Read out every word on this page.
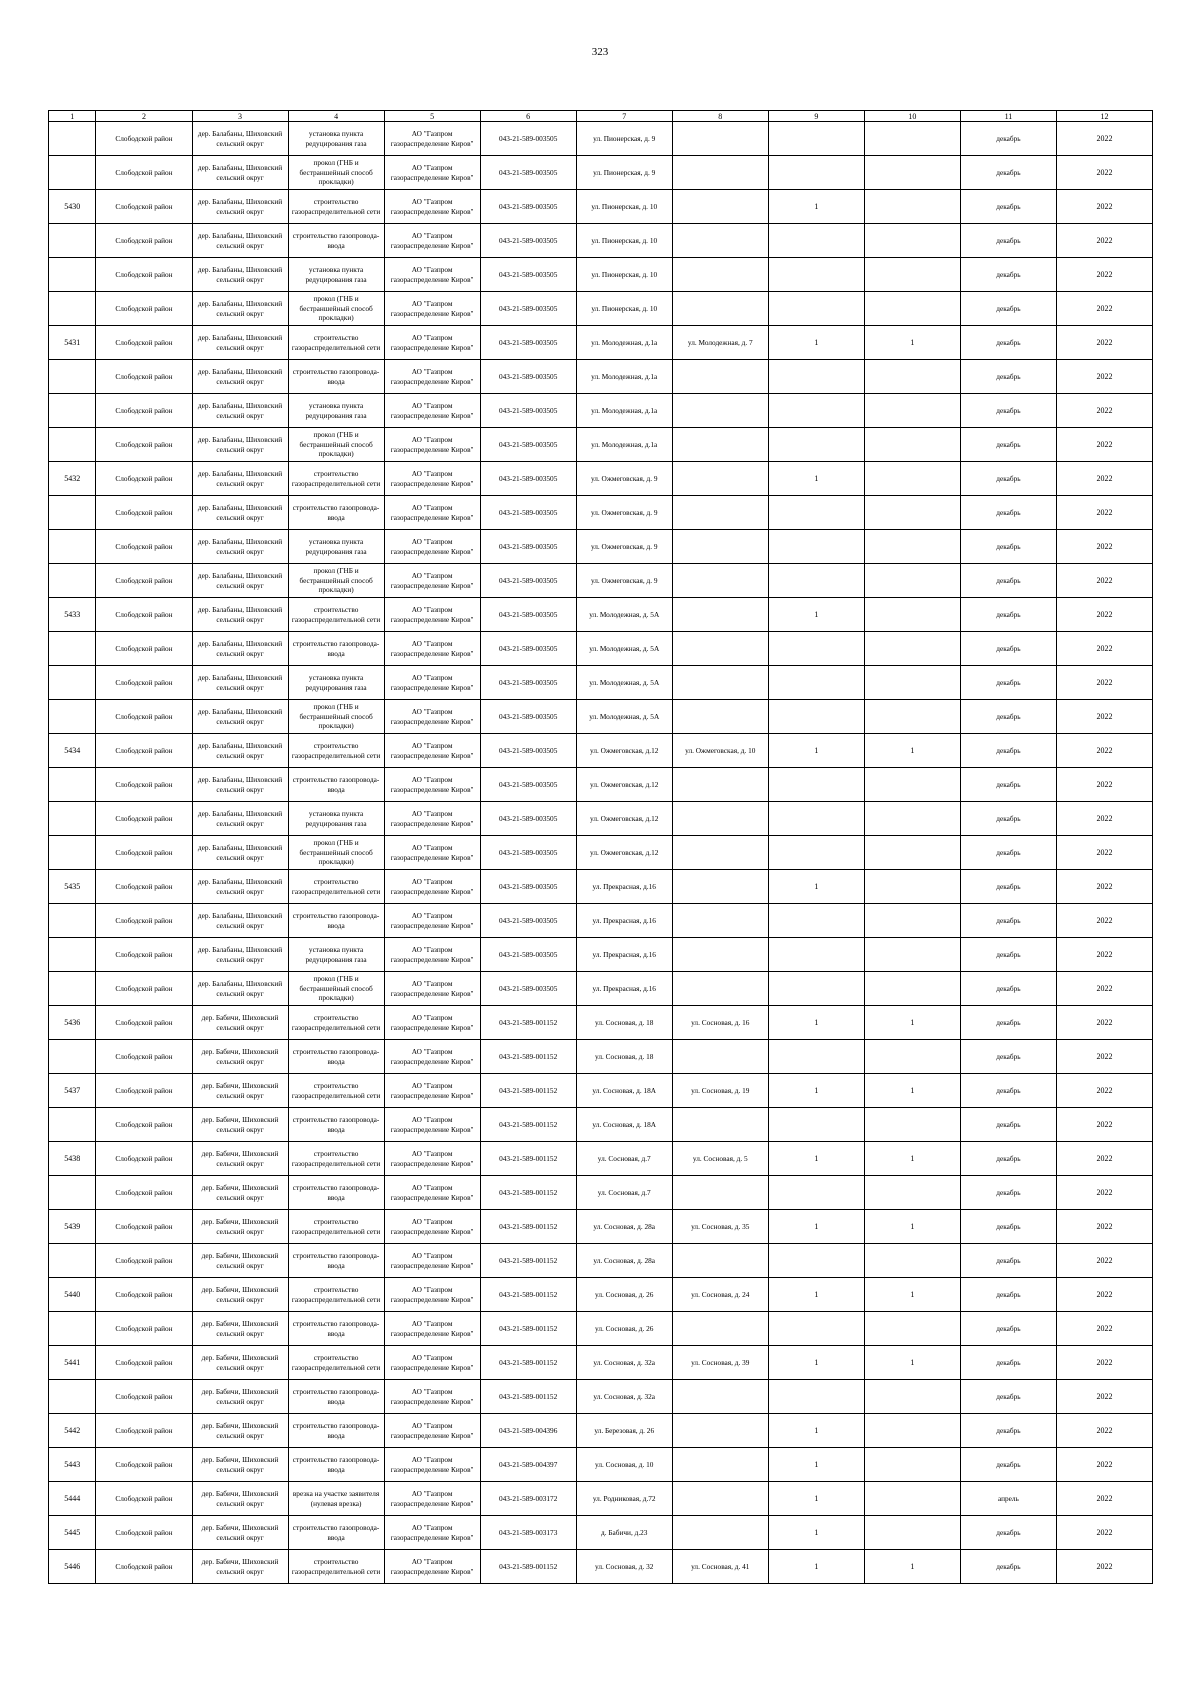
323
1	2	3	4	5	6	7	8	9	10	11	12

	Слободской район	дер. Балабаны, Шиховский сельский округ	установка пункта редуцирования газа	АО "Газпром газораспределение Киров"	043-21-589-003505	ул. Пионерская, д. 9				декабрь	2022

	Слободской район	дер. Балабаны, Шиховский сельский округ	прокол (ГНБ и бестраншейный способ прокладки)	АО "Газпром газораспределение Киров"	043-21-589-003505	ул. Пионерская, д. 9				декабрь	2022

5430	Слободской район	дер. Балабаны, Шиховский сельский округ	строительство газораспределительной сети	АО "Газпром газораспределение Киров"	043-21-589-003505	ул. Пионерская, д. 10		1		декабрь	2022

	Слободской район	дер. Балабаны, Шиховский сельский округ	строительство газопровода-ввода	АО "Газпром газораспределение Киров"	043-21-589-003505	ул. Пионерская, д. 10				декабрь	2022

	Слободской район	дер. Балабаны, Шиховский сельский округ	установка пункта редуцирования газа	АО "Газпром газораспределение Киров"	043-21-589-003505	ул. Пионерская, д. 10				декабрь	2022

	Слободской район	дер. Балабаны, Шиховский сельский округ	прокол (ГНБ и бестраншейный способ прокладки)	АО "Газпром газораспределение Киров"	043-21-589-003505	ул. Пионерская, д. 10				декабрь	2022

5431	Слободской район	дер. Балабаны, Шиховский сельский округ	строительство газораспределительной сети	АО "Газпром газораспределение Киров"	043-21-589-003505	ул. Молодежная, д.1а	ул. Молодежная, д. 7	1	1	декабрь	2022

	Слободской район	дер. Балабаны, Шиховский сельский округ	строительство газопровода-ввода	АО "Газпром газораспределение Киров"	043-21-589-003505	ул. Молодежная, д.1а				декабрь	2022

	Слободской район	дер. Балабаны, Шиховский сельский округ	установка пункта редуцирования газа	АО "Газпром газораспределение Киров"	043-21-589-003505	ул. Молодежная, д.1а				декабрь	2022

	Слободской район	дер. Балабаны, Шиховский сельский округ	прокол (ГНБ и бестраншейный способ прокладки)	АО "Газпром газораспределение Киров"	043-21-589-003505	ул. Молодежная, д.1а				декабрь	2022

5432	Слободской район	дер. Балабаны, Шиховский сельский округ	строительство газораспределительной сети	АО "Газпром газораспределение Киров"	043-21-589-003505	ул. Ожмеговская, д. 9		1		декабрь	2022

	Слободской район	дер. Балабаны, Шиховский сельский округ	строительство газопровода-ввода	АО "Газпром газораспределение Киров"	043-21-589-003505	ул. Ожмеговская, д. 9				декабрь	2022

	Слободской район	дер. Балабаны, Шиховский сельский округ	установка пункта редуцирования газа	АО "Газпром газораспределение Киров"	043-21-589-003505	ул. Ожмеговская, д. 9				декабрь	2022

	Слободской район	дер. Балабаны, Шиховский сельский округ	прокол (ГНБ и бестраншейный способ прокладки)	АО "Газпром газораспределение Киров"	043-21-589-003505	ул. Ожмеговская, д. 9				декабрь	2022

5433	Слободской район	дер. Балабаны, Шиховский сельский округ	строительство газораспределительной сети	АО "Газпром газораспределение Киров"	043-21-589-003505	ул. Молодежная, д. 5А		1		декабрь	2022

	Слободской район	дер. Балабаны, Шиховский сельский округ	строительство газопровода-ввода	АО "Газпром газораспределение Киров"	043-21-589-003505	ул. Молодежная, д. 5А				декабрь	2022

	Слободской район	дер. Балабаны, Шиховский сельский округ	установка пункта редуцирования газа	АО "Газпром газораспределение Киров"	043-21-589-003505	ул. Молодежная, д. 5А				декабрь	2022

	Слободской район	дер. Балабаны, Шиховский сельский округ	прокол (ГНБ и бестраншейный способ прокладки)	АО "Газпром газораспределение Киров"	043-21-589-003505	ул. Молодежная, д. 5А				декабрь	2022

5434	Слободской район	дер. Балабаны, Шиховский сельский округ	строительство газораспределительной сети	АО "Газпром газораспределение Киров"	043-21-589-003505	ул. Ожмеговская, д.12	ул. Ожмеговская, д. 10	1	1	декабрь	2022

	Слободской район	дер. Балабаны, Шиховский сельский округ	строительство газопровода-ввода	АО "Газпром газораспределение Киров"	043-21-589-003505	ул. Ожмеговская, д.12				декабрь	2022

	Слободской район	дер. Балабаны, Шиховский сельский округ	установка пункта редуцирования газа	АО "Газпром газораспределение Киров"	043-21-589-003505	ул. Ожмеговская, д.12				декабрь	2022

	Слободской район	дер. Балабаны, Шиховский сельский округ	прокол (ГНБ и бестраншейный способ прокладки)	АО "Газпром газораспределение Киров"	043-21-589-003505	ул. Ожмеговская, д.12				декабрь	2022

5435	Слободской район	дер. Балабаны, Шиховский сельский округ	строительство газораспределительной сети	АО "Газпром газораспределение Киров"	043-21-589-003505	ул. Прекрасная, д.16		1		декабрь	2022

	Слободской район	дер. Балабаны, Шиховский сельский округ	строительство газопровода-ввода	АО "Газпром газораспределение Киров"	043-21-589-003505	ул. Прекрасная, д.16				декабрь	2022

	Слободской район	дер. Балабаны, Шиховский сельский округ	установка пункта редуцирования газа	АО "Газпром газораспределение Киров"	043-21-589-003505	ул. Прекрасная, д.16				декабрь	2022

	Слободской район	дер. Балабаны, Шиховский сельский округ	прокол (ГНБ и бестраншейный способ прокладки)	АО "Газпром газораспределение Киров"	043-21-589-003505	ул. Прекрасная, д.16				декабрь	2022

5436	Слободской район	дер. Бабичи, Шиховский сельский округ	строительство газораспределительной сети	АО "Газпром газораспределение Киров"	043-21-589-001152	ул. Сосновая, д. 18	ул. Сосновая, д. 16	1	1	декабрь	2022

	Слободской район	дер. Бабичи, Шиховский сельский округ	строительство газопровода-ввода	АО "Газпром газораспределение Киров"	043-21-589-001152	ул. Сосновая, д. 18				декабрь	2022

5437	Слободской район	дер. Бабичи, Шиховский сельский округ	строительство газораспределительной сети	АО "Газпром газораспределение Киров"	043-21-589-001152	ул. Сосновая, д. 18А	ул. Сосновая, д. 19	1	1	декабрь	2022

	Слободской район	дер. Бабичи, Шиховский сельский округ	строительство газопровода-ввода	АО "Газпром газораспределение Киров"	043-21-589-001152	ул. Сосновая, д. 18А				декабрь	2022

5438	Слободской район	дер. Бабичи, Шиховский сельский округ	строительство газораспределительной сети	АО "Газпром газораспределение Киров"	043-21-589-001152	ул. Сосновая, д.7	ул. Сосновая, д. 5	1	1	декабрь	2022

	Слободской район	дер. Бабичи, Шиховский сельский округ	строительство газопровода-ввода	АО "Газпром газораспределение Киров"	043-21-589-001152	ул. Сосновая, д.7				декабрь	2022

5439	Слободской район	дер. Бабичи, Шиховский сельский округ	строительство газораспределительной сети	АО "Газпром газораспределение Киров"	043-21-589-001152	ул. Сосновая, д. 28а	ул. Сосновая, д. 35	1	1	декабрь	2022

	Слободской район	дер. Бабичи, Шиховский сельский округ	строительство газопровода-ввода	АО "Газпром газораспределение Киров"	043-21-589-001152	ул. Сосновая, д. 28а				декабрь	2022

5440	Слободской район	дер. Бабичи, Шиховский сельский округ	строительство газораспределительной сети	АО "Газпром газораспределение Киров"	043-21-589-001152	ул. Сосновая, д. 26	ул. Сосновая, д. 24	1	1	декабрь	2022

	Слободской район	дер. Бабичи, Шиховский сельский округ	строительство газопровода-ввода	АО "Газпром газораспределение Киров"	043-21-589-001152	ул. Сосновая, д. 26				декабрь	2022

5441	Слободской район	дер. Бабичи, Шиховский сельский округ	строительство газораспределительной сети	АО "Газпром газораспределение Киров"	043-21-589-001152	ул. Сосновая, д. 32а	ул. Сосновая, д. 39	1	1	декабрь	2022

	Слободской район	дер. Бабичи, Шиховский сельский округ	строительство газопровода-ввода	АО "Газпром газораспределение Киров"	043-21-589-001152	ул. Сосновая, д. 32а				декабрь	2022

5442	Слободской район	дер. Бабичи, Шиховский сельский округ	строительство газопровода-ввода	АО "Газпром газораспределение Киров"	043-21-589-004396	ул. Березовая, д. 26		1		декабрь	2022

5443	Слободской район	дер. Бабичи, Шиховский сельский округ	строительство газопровода-ввода	АО "Газпром газораспределение Киров"	043-21-589-004397	ул. Сосновая, д. 10		1		декабрь	2022

5444	Слободской район	дер. Бабичи, Шиховский сельский округ	врезка на участке заявителя (нулевая врезка)	АО "Газпром газораспределение Киров"	043-21-589-003172	ул. Родниковая, д.72		1		апрель	2022

5445	Слободской район	дер. Бабичи, Шиховский сельский округ	строительство газопровода-ввода	АО "Газпром газораспределение Киров"	043-21-589-003173	д. Бабичи, д.23		1		декабрь	2022

5446	Слободской район	дер. Бабичи, Шиховский сельский округ	строительство газораспределительной сети	АО "Газпром газораспределение Киров"	043-21-589-001152	ул. Сосновая, д. 32	ул. Сосновая, д. 41	1	1	декабрь	2022
